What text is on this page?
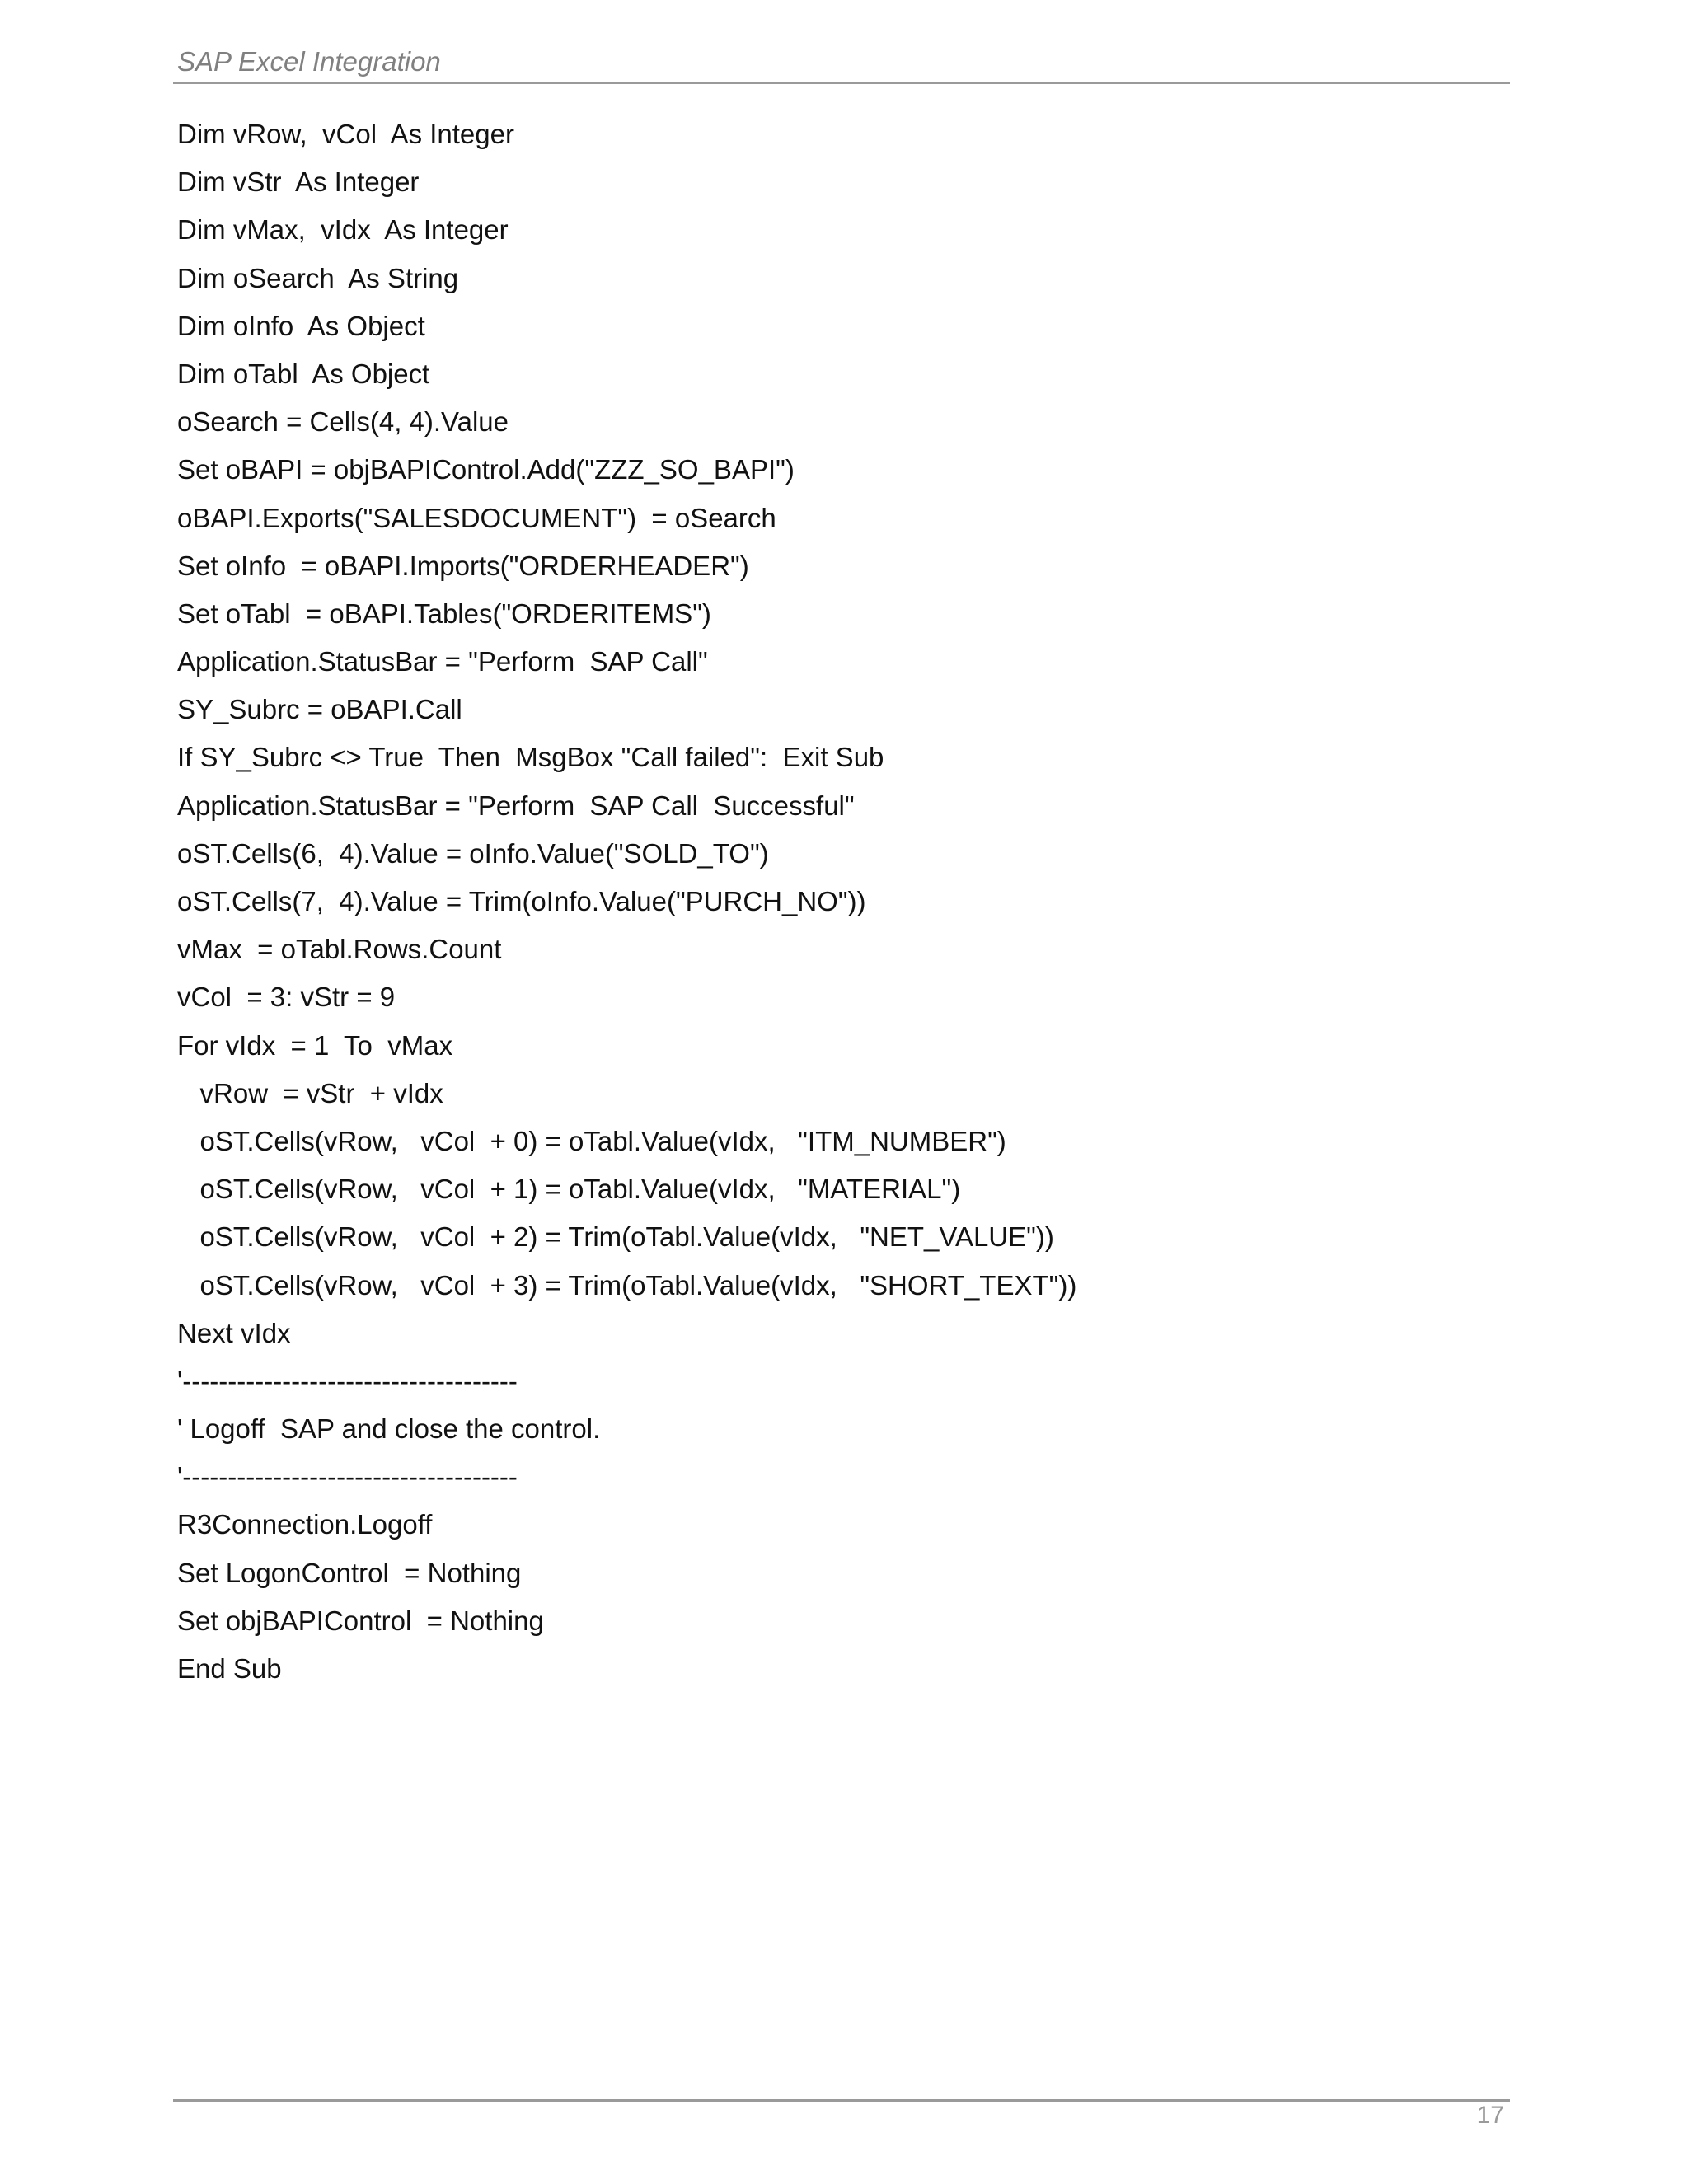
SAP Excel Integration
Dim vRow,  vCol  As Integer
Dim vStr  As Integer
Dim vMax,  vIdx  As Integer
Dim oSearch  As String
Dim oInfo  As Object
Dim oTabl  As Object
oSearch = Cells(4, 4).Value
Set oBAPI = objBAPIControl.Add("ZZZ_SO_BAPI")
oBAPI.Exports("SALESDOCUMENT")  = oSearch
Set oInfo  = oBAPI.Imports("ORDERHEADER")
Set oTabl  = oBAPI.Tables("ORDERITEMS")
Application.StatusBar = "Perform  SAP Call"
SY_Subrc = oBAPI.Call
If SY_Subrc <> True  Then  MsgBox "Call failed":  Exit Sub
Application.StatusBar = "Perform  SAP Call  Successful"
oST.Cells(6,  4).Value = oInfo.Value("SOLD_TO")
oST.Cells(7,  4).Value = Trim(oInfo.Value("PURCH_NO"))
vMax  = oTabl.Rows.Count
vCol  = 3: vStr = 9
For vIdx  = 1  To  vMax
vRow  = vStr  + vIdx
oST.Cells(vRow,   vCol  + 0) = oTabl.Value(vIdx,   "ITM_NUMBER")
oST.Cells(vRow,   vCol  + 1) = oTabl.Value(vIdx,   "MATERIAL")
oST.Cells(vRow,   vCol  + 2) = Trim(oTabl.Value(vIdx,   "NET_VALUE"))
oST.Cells(vRow,   vCol  + 3) = Trim(oTabl.Value(vIdx,   "SHORT_TEXT"))
Next vIdx
'-------------------------------------
' Logoff  SAP and close the control.
'-------------------------------------
R3Connection.Logoff
Set LogonControl  = Nothing
Set objBAPIControl  = Nothing
End Sub
17
